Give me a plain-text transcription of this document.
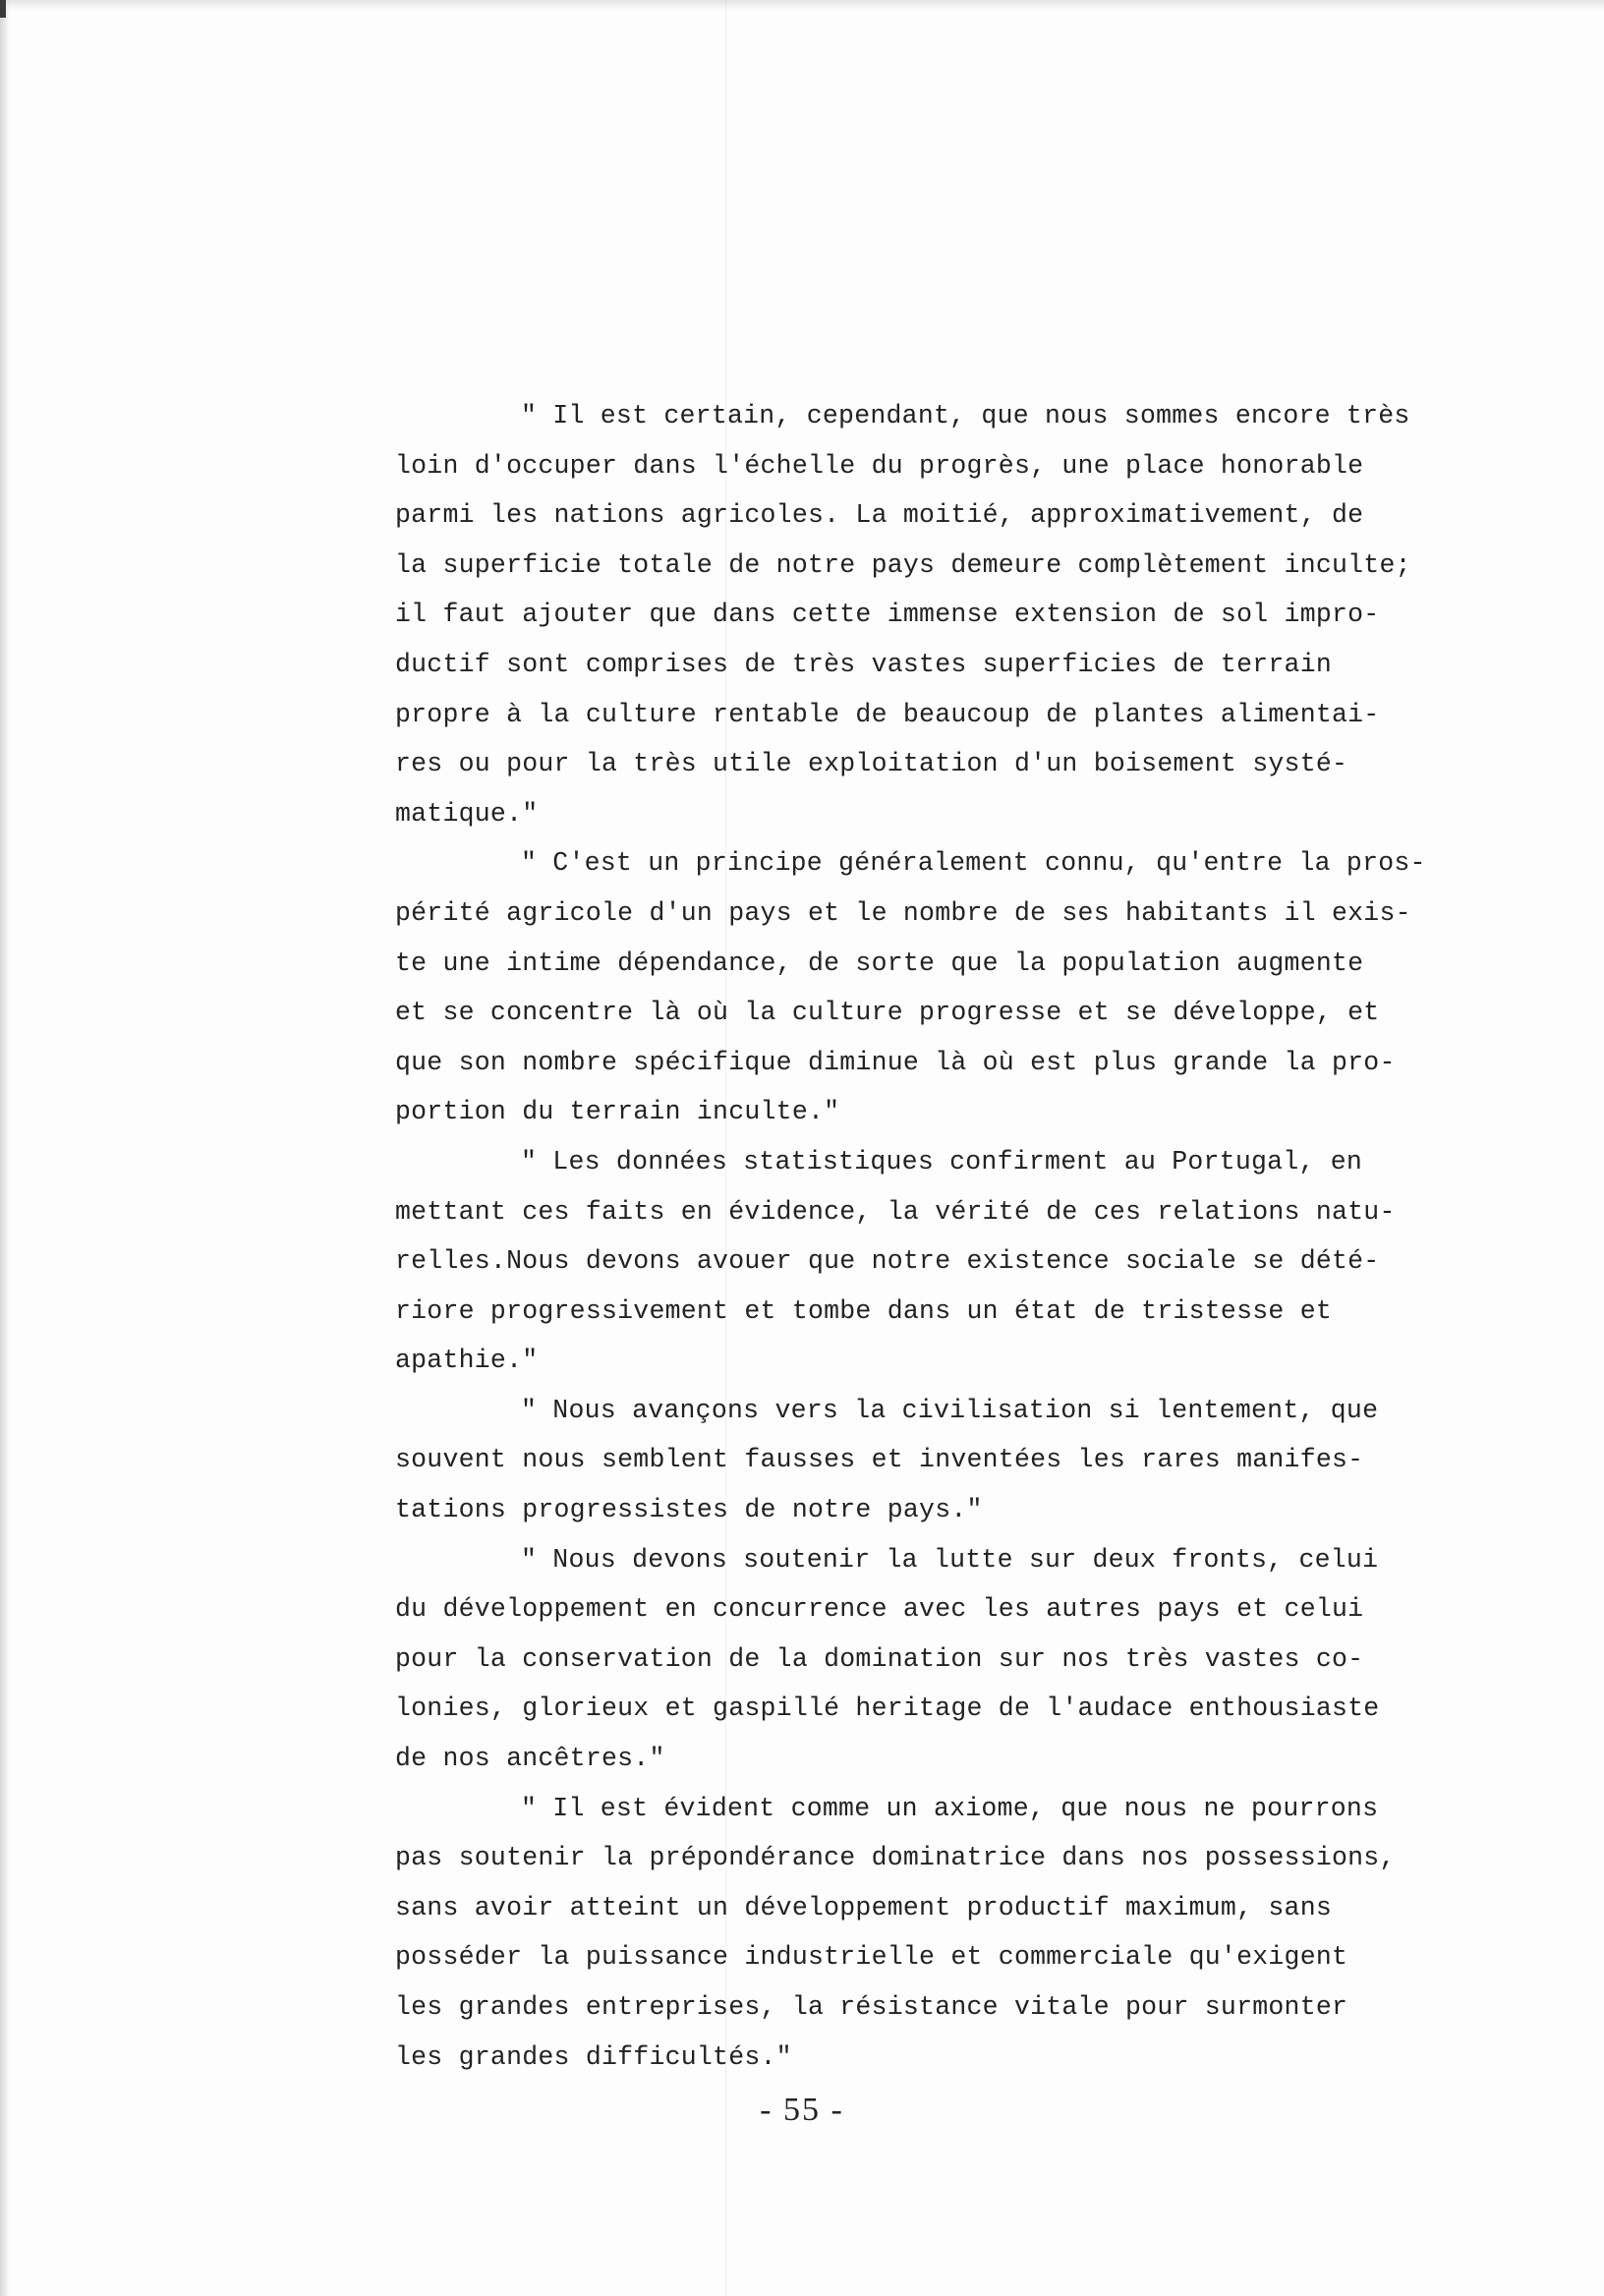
" Il est certain, cependant, que nous sommes encore très
loin d'occuper dans l'échelle du progrès, une place honorable
parmi les nations agricoles. La moitié, approximativement, de
la superficie totale de notre pays demeure complètement inculte;
il faut ajouter que dans cette immense extension de sol impro-
ductif sont comprises de très vastes superficies de terrain
propre à la culture rentable de beaucoup de plantes alimentai-
res ou pour la très utile exploitation d'un boisement systé-
matique."
" C'est un principe généralement connu, qu'entre la pros-
périté agricole d'un pays et le nombre de ses habitants il exis-
te une intime dépendance, de sorte que la population augmente
et se concentre là où la culture progresse et se développe, et
que son nombre spécifique diminue là où est plus grande la pro-
portion du terrain inculte."
" Les données statistiques confirment au Portugal, en
mettant ces faits en évidence, la vérité de ces relations natu-
relles.Nous devons avouer que notre existence sociale se dété-
riore progressivement et tombe dans un état de tristesse et
apathie."
" Nous avançons vers la civilisation si lentement, que
souvent nous semblent fausses et inventées les rares manifes-
tations progressistes de notre pays."
" Nous devons soutenir la lutte sur deux fronts, celui
du développement en concurrence avec les autres pays et celui
pour la conservation de la domination sur nos très vastes co-
lonies, glorieux et gaspillé heritage de l'audace enthousiaste
de nos ancêtres."
" Il est évident comme un axiome, que nous ne pourrons
pas soutenir la prépondérance dominatrice dans nos possessions,
sans avoir atteint un développement productif maximum, sans
posséder la puissance industrielle et commerciale qu'exigent
les grandes entreprises, la résistance vitale pour surmonter
les grandes difficultés."
- 55 -
